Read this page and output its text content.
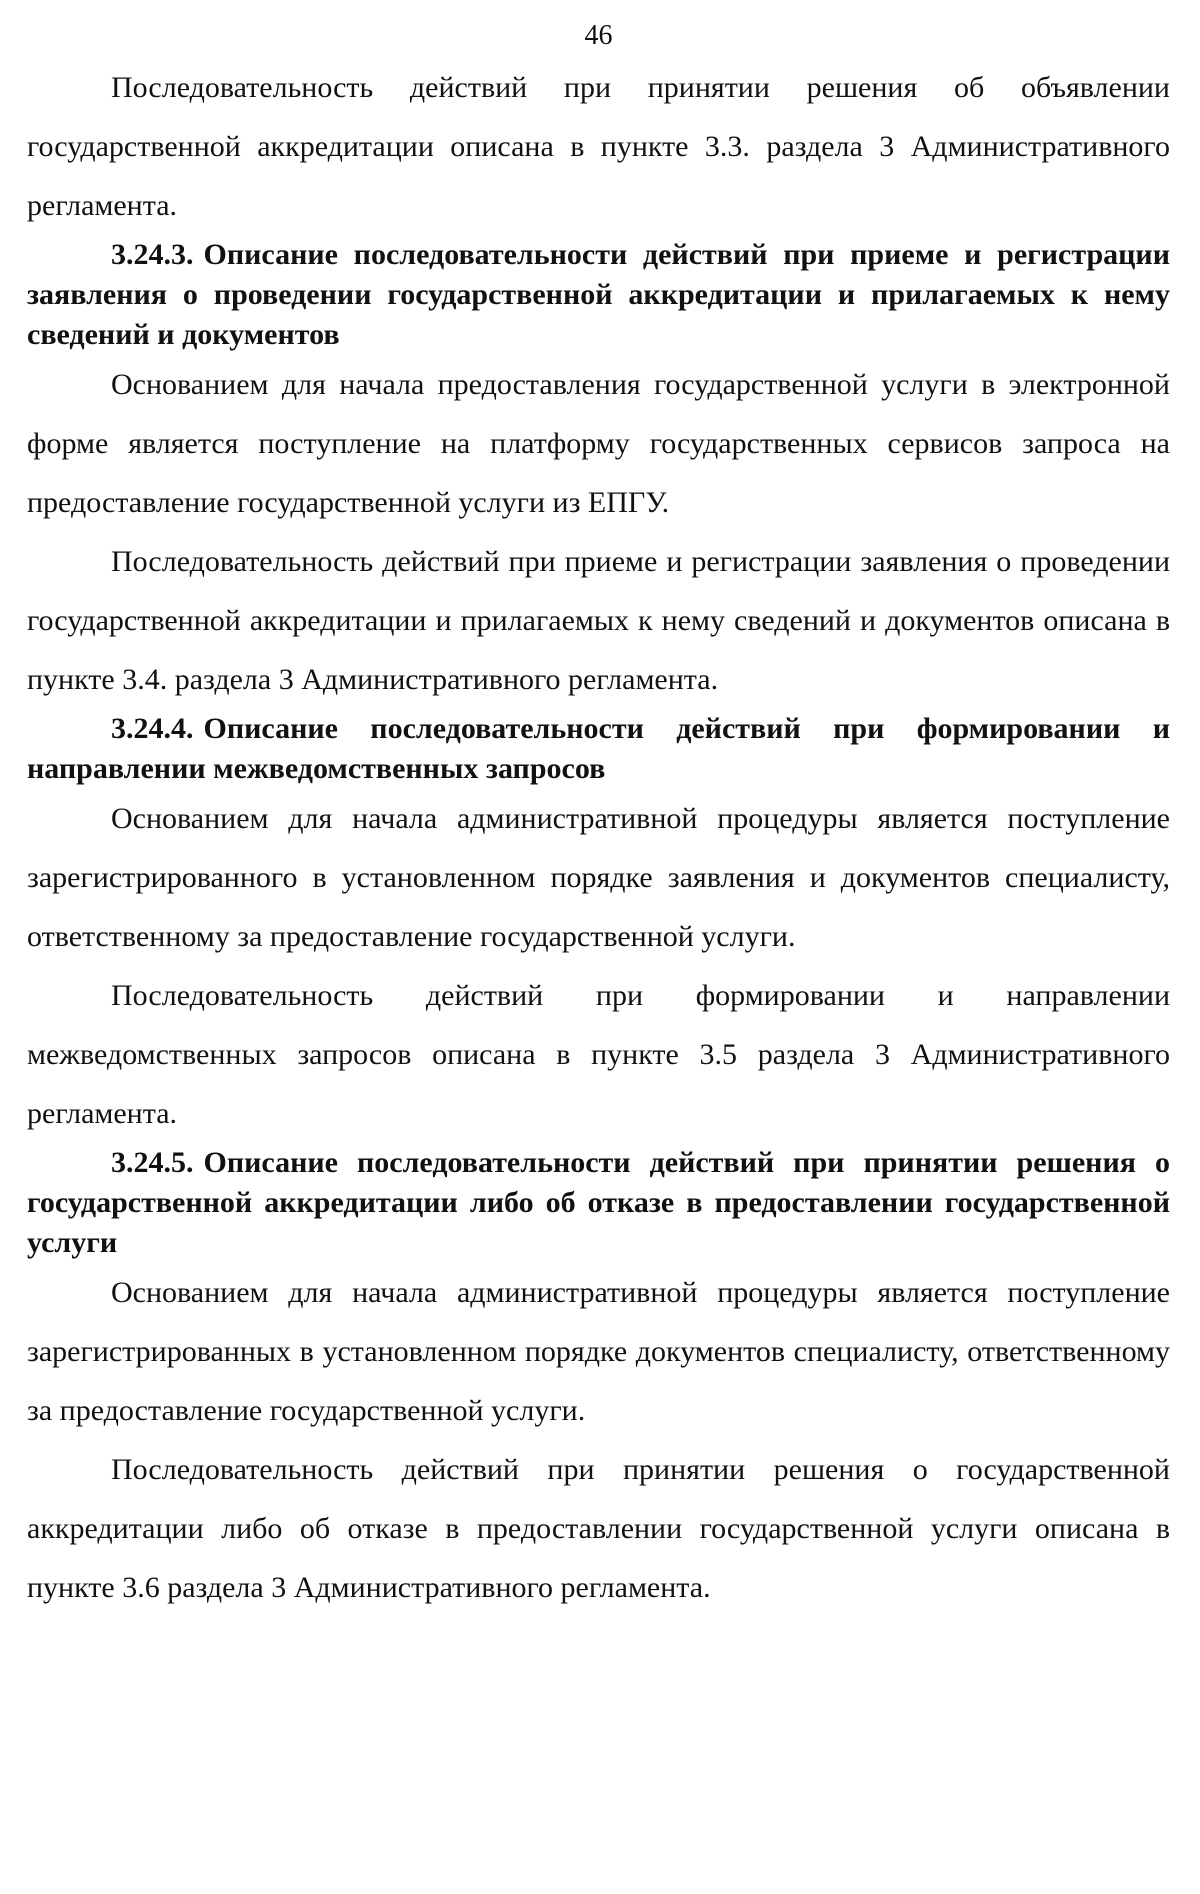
46

Последовательность действий при принятии решения об объявлении государственной аккредитации описана в пункте 3.3. раздела 3 Административного регламента.

3.24.3. Описание последовательности действий при приеме и регистрации заявления о проведении государственной аккредитации и прилагаемых к нему сведений и документов

Основанием для начала предоставления государственной услуги в электронной форме является поступление на платформу государственных сервисов запроса на предоставление государственной услуги из ЕПГУ.

Последовательность действий при приеме и регистрации заявления о проведении государственной аккредитации и прилагаемых к нему сведений и документов описана в пункте 3.4. раздела 3 Административного регламента.

3.24.4. Описание последовательности действий при формировании и направлении межведомственных запросов

Основанием для начала административной процедуры является поступление зарегистрированного в установленном порядке заявления и документов специалисту, ответственному за предоставление государственной услуги.

Последовательность действий при формировании и направлении межведомственных запросов описана в пункте 3.5 раздела 3 Административного регламента.

3.24.5. Описание последовательности действий при принятии решения о государственной аккредитации либо об отказе в предоставлении государственной услуги

Основанием для начала административной процедуры является поступление зарегистрированных в установленном порядке документов специалисту, ответственному за предоставление государственной услуги.

Последовательность действий при принятии решения о государственной аккредитации либо об отказе в предоставлении государственной услуги описана в пункте 3.6 раздела 3 Административного регламента.
